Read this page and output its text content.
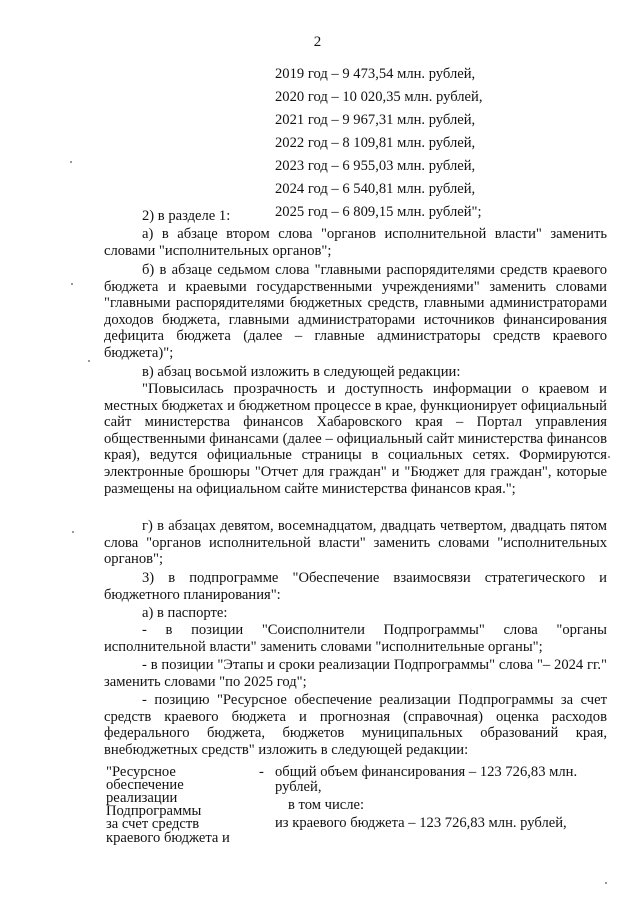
2
2019 год – 9 473,54 млн. рублей,
2020 год – 10 020,35 млн. рублей,
2021 год – 9 967,31 млн. рублей,
2022 год – 8 109,81 млн. рублей,
2023 год – 6 955,03 млн. рублей,
2024 год – 6 540,81 млн. рублей,
2025 год – 6 809,15 млн. рублей";
2) в разделе 1:
а) в абзаце втором слова "органов исполнительной власти" заменить словами "исполнительных органов";
б) в абзаце седьмом слова "главными распорядителями средств краевого бюджета и краевыми государственными учреждениями" заменить словами "главными распорядителями бюджетных средств, главными администраторами доходов бюджета, главными администраторами источников финансирования дефицита бюджета (далее – главные администраторы средств краевого бюджета)";
в) абзац восьмой изложить в следующей редакции:
"Повысилась прозрачность и доступность информации о краевом и местных бюджетах и бюджетном процессе в крае, функционирует официальный сайт министерства финансов Хабаровского края – Портал управления общественными финансами (далее – официальный сайт министерства финансов края), ведутся официальные страницы в социальных сетях. Формируются электронные брошюры "Отчет для граждан" и "Бюджет для граждан", которые размещены на официальном сайте министерства финансов края.";
г) в абзацах девятом, восемнадцатом, двадцать четвертом, двадцать пятом слова "органов исполнительной власти" заменить словами "исполнительных органов";
3) в подпрограмме "Обеспечение взаимосвязи стратегического и бюджетного планирования":
а) в паспорте:
- в позиции "Соисполнители Подпрограммы" слова "органы исполнительной власти" заменить словами "исполнительные органы";
- в позиции "Этапы и сроки реализации Подпрограммы" слова "– 2024 гг." заменить словами "по 2025 год";
- позицию "Ресурсное обеспечение реализации Подпрограммы за счет средств краевого бюджета и прогнозная (справочная) оценка расходов федерального бюджета, бюджетов муниципальных образований края, внебюджетных средств" изложить в следующей редакции:
"Ресурсное
обеспечение
реализации
Подпрограммы
за счет средств
краевого бюджета и
- общий объем финансирования – 123 726,83 млн.
рублей,
в том числе:
из краевого бюджета – 123 726,83 млн. рублей,
